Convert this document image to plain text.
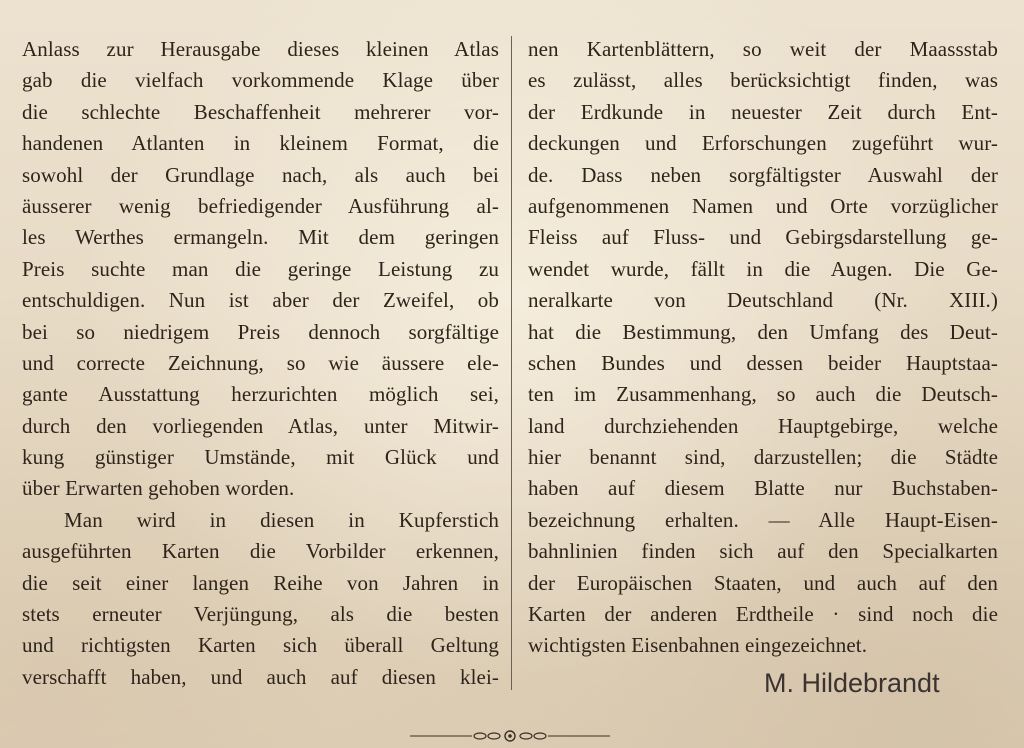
Anlass zur Herausgabe dieses kleinen Atlas
gab die vielfach vorkommende Klage über
die schlechte Beschaffenheit mehrerer vor-
handenen Atlanten in kleinem Format, die
sowohl der Grundlage nach, als auch bei
äusserer wenig befriedigender Ausführung al-
les Werthes ermangeln. Mit dem geringen
Preis suchte man die geringe Leistung zu
entschuldigen. Nun ist aber der Zweifel, ob
bei so niedrigem Preis dennoch sorgfältige
und correcte Zeichnung, so wie äussere ele-
gante Ausstattung herzurichten möglich sei,
durch den vorliegenden Atlas, unter Mitwir-
kung günstiger Umstände, mit Glück und
über Erwarten gehoben worden.
Man wird in diesen in Kupferstich
ausgeführten Karten die Vorbilder erkennen,
die seit einer langen Reihe von Jahren in
stets erneuter Verjüngung, als die besten
und richtigsten Karten sich überall Geltung
verschafft haben, und auch auf diesen klei-
nen Kartenblättern, so weit der Maassstab
es zulässt, alles berücksichtigt finden, was
der Erdkunde in neuester Zeit durch Ent-
deckungen und Erforschungen zugeführt wur-
de. Dass neben sorgfältigster Auswahl der
aufgenommenen Namen und Orte vorzüglicher
Fleiss auf Fluss- und Gebirgsdarstellung ge-
wendet wurde, fällt in die Augen. Die Ge-
neralkarte von Deutschland (Nr. XIII.)
hat die Bestimmung, den Umfang des Deut-
schen Bundes und dessen beider Hauptstaa-
ten im Zusammenhang, so auch die Deutsch-
land durchziehenden Hauptgebirge, welche
hier benannt sind, darzustellen; die Städte
haben auf diesem Blatte nur Buchstaben-
bezeichnung erhalten. — Alle Haupt-Eisen-
bahnlinien finden sich auf den Specialkarten
der Europäischen Staaten, und auch auf den
Karten der anderen Erdtheile · sind noch die
wichtigsten Eisenbahnen eingezeichnet.
M. Hildebrandt
